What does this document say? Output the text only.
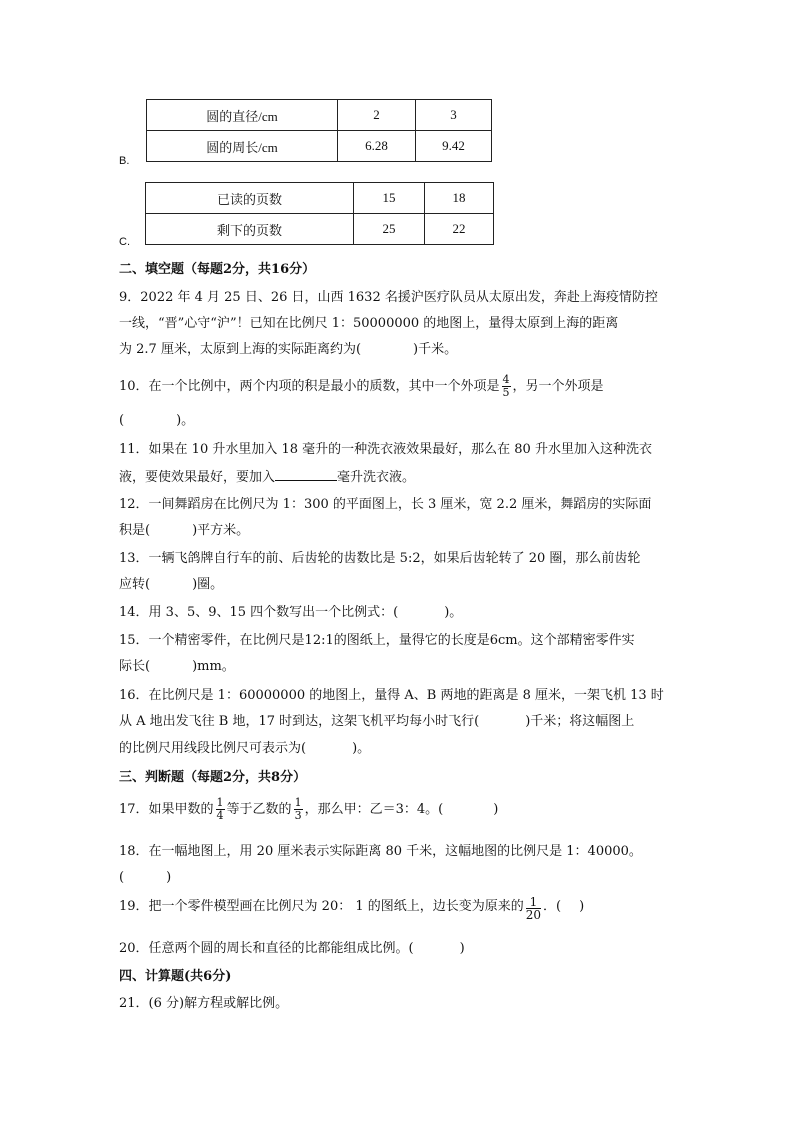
圆的直径/cm	2	3
圆的周长/cm	6.28	9.42
B.
已读的页数	15	18
剩下的页数	25	22
C.
二、填空题（每题2分，共16分）
9．2022 年 4 月 25 日、26 日，山西 1632 名援沪医疗队员从太原出发，奔赴上海疫情防控
一线，“晋”心守“沪”！已知在比例尺 1：50000000 的地图上，量得太原到上海的距离
为 2.7 厘米，太原到上海的实际距离约为(	)千米。
10．在一个比例中，两个内项的积是最小的质数，其中一个外项是 $\frac{4}{5}$ ，另一个外项是
(	)。
11．如果在 10 升水里加入 18 毫升的一种洗衣液效果最好，那么在 80 升水里加入这种洗衣
液，要使效果最好，要加入	毫升洗衣液。
12．一间舞蹈房在比例尺为 1：300 的平面图上，长 3 厘米，宽 2.2 厘米，舞蹈房的实际面
积是(	)平方米。
13．一辆飞鸽牌自行车的前、后齿轮的齿数比是 5:2，如果后齿轮转了 20 圈，那么前齿轮
应转(	)圈。
14．用 3、5、9、15 四个数写出一个比例式：(	)。
15．一个精密零件，在比例尺是12:1的图纸上，量得它的长度是6cm。这个部精密零件实
际长(	)mm。
16．在比例尺是 1：60000000 的地图上，量得 A、B 两地的距离是 8 厘米，一架飞机 13 时
从 A 地出发飞往 B 地，17 时到达，这架飞机平均每小时飞行(	)千米；将这幅图上
的比例尺用线段比例尺可表示为(	)。
三、判断题（每题2分，共8分）
17．如果甲数的 $\frac{1}{4}$ 等于乙数的 $\frac{1}{3}$ ，那么甲：乙＝3：4。(	)
18．在一幅地图上，用 20 厘米表示实际距离 80 千米，这幅地图的比例尺是 1：40000。
(	)
19．把一个零件模型画在比例尺为 20： 1 的图纸上，边长变为原来的 $\frac{1}{20}$ ．( )
20．任意两个圆的周长和直径的比都能组成比例。(	)
四、计算题(共6分)
21．(6 分)解方程或解比例。
